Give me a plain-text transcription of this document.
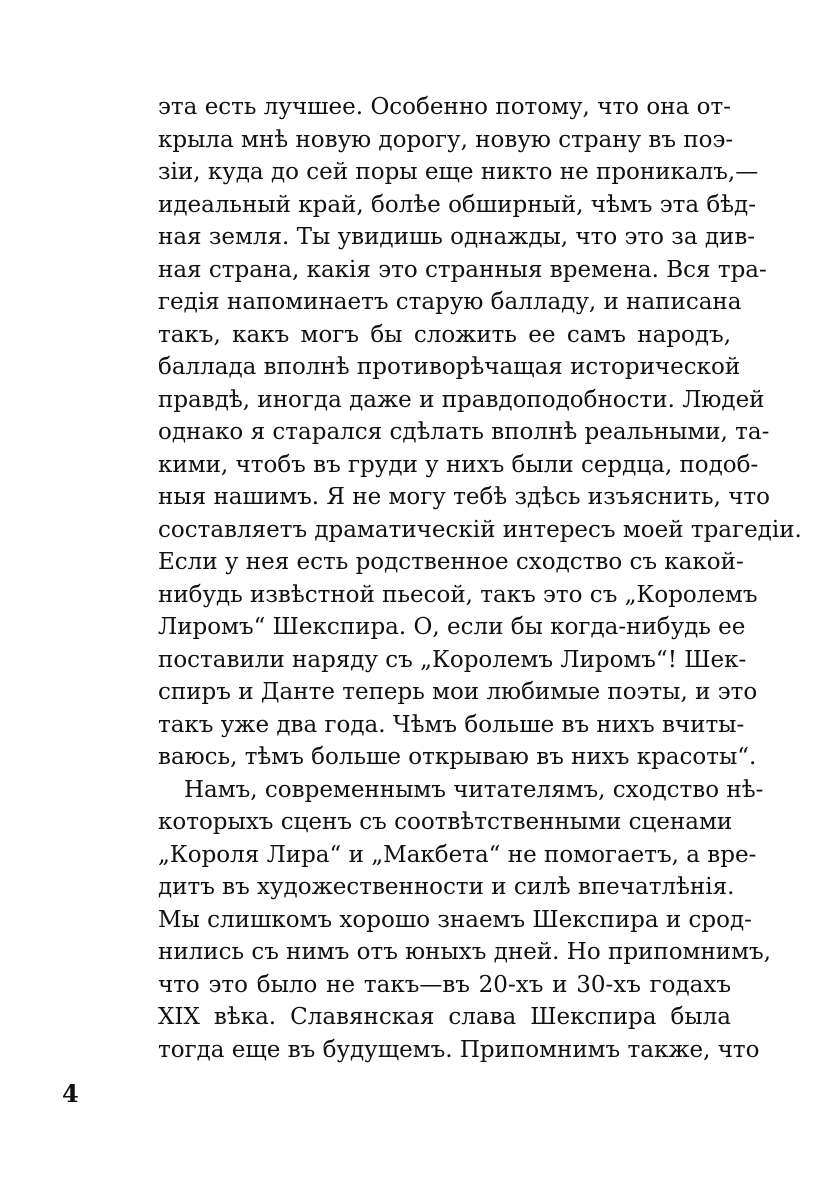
эта есть лучшее. Особенно потому, что она от-
крыла мнѣ новую дорогу, новую страну въ поэ-
зіи, куда до сей поры еще никто не проникалъ,—
идеальный край, болѣе обширный, чѣмъ эта бѣд-
ная земля. Ты увидишь однажды, что это за див-
ная страна, какія это странныя времена. Вся тра-
гедія напоминаетъ старую балладу, и написана
такъ, какъ могъ бы сложить ее самъ народъ,
баллада вполнѣ противорѣчащая исторической
правдѣ, иногда даже и правдоподобности. Людей
однако я старался сдѣлать вполнѣ реальными, та-
кими, чтобъ въ груди у нихъ были сердца, подоб-
ныя нашимъ. Я не могу тебѣ здѣсь изъяснить, что
составляетъ драматическій интересъ моей трагедіи.
Если у нея есть родственное сходство съ какой-
нибудь извѣстной пьесой, такъ это съ „Королемъ
Лиромъ“ Шекспира. О, если бы когда-нибудь ее
поставили наряду съ „Королемъ Лиромъ“! Шек-
спиръ и Данте теперь мои любимые поэты, и это
такъ уже два года. Чѣмъ больше въ нихъ вчиты-
ваюсь, тѣмъ больше открываю въ нихъ красоты“.
Намъ, современнымъ читателямъ, сходство нѣ-
которыхъ сценъ съ соотвѣтственными сценами
„Короля Лира“ и „Макбета“ не помогаетъ, а вре-
дитъ въ художественности и силѣ впечатлѣнія.
Мы слишкомъ хорошо знаемъ Шекспира и срод-
нились съ нимъ отъ юныхъ дней. Но припомнимъ,
что это было не такъ—въ 20-хъ и 30-хъ годахъ
XIX вѣка. Славянская слава Шекспира была
тогда еще въ будущемъ. Припомнимъ также, что
4
